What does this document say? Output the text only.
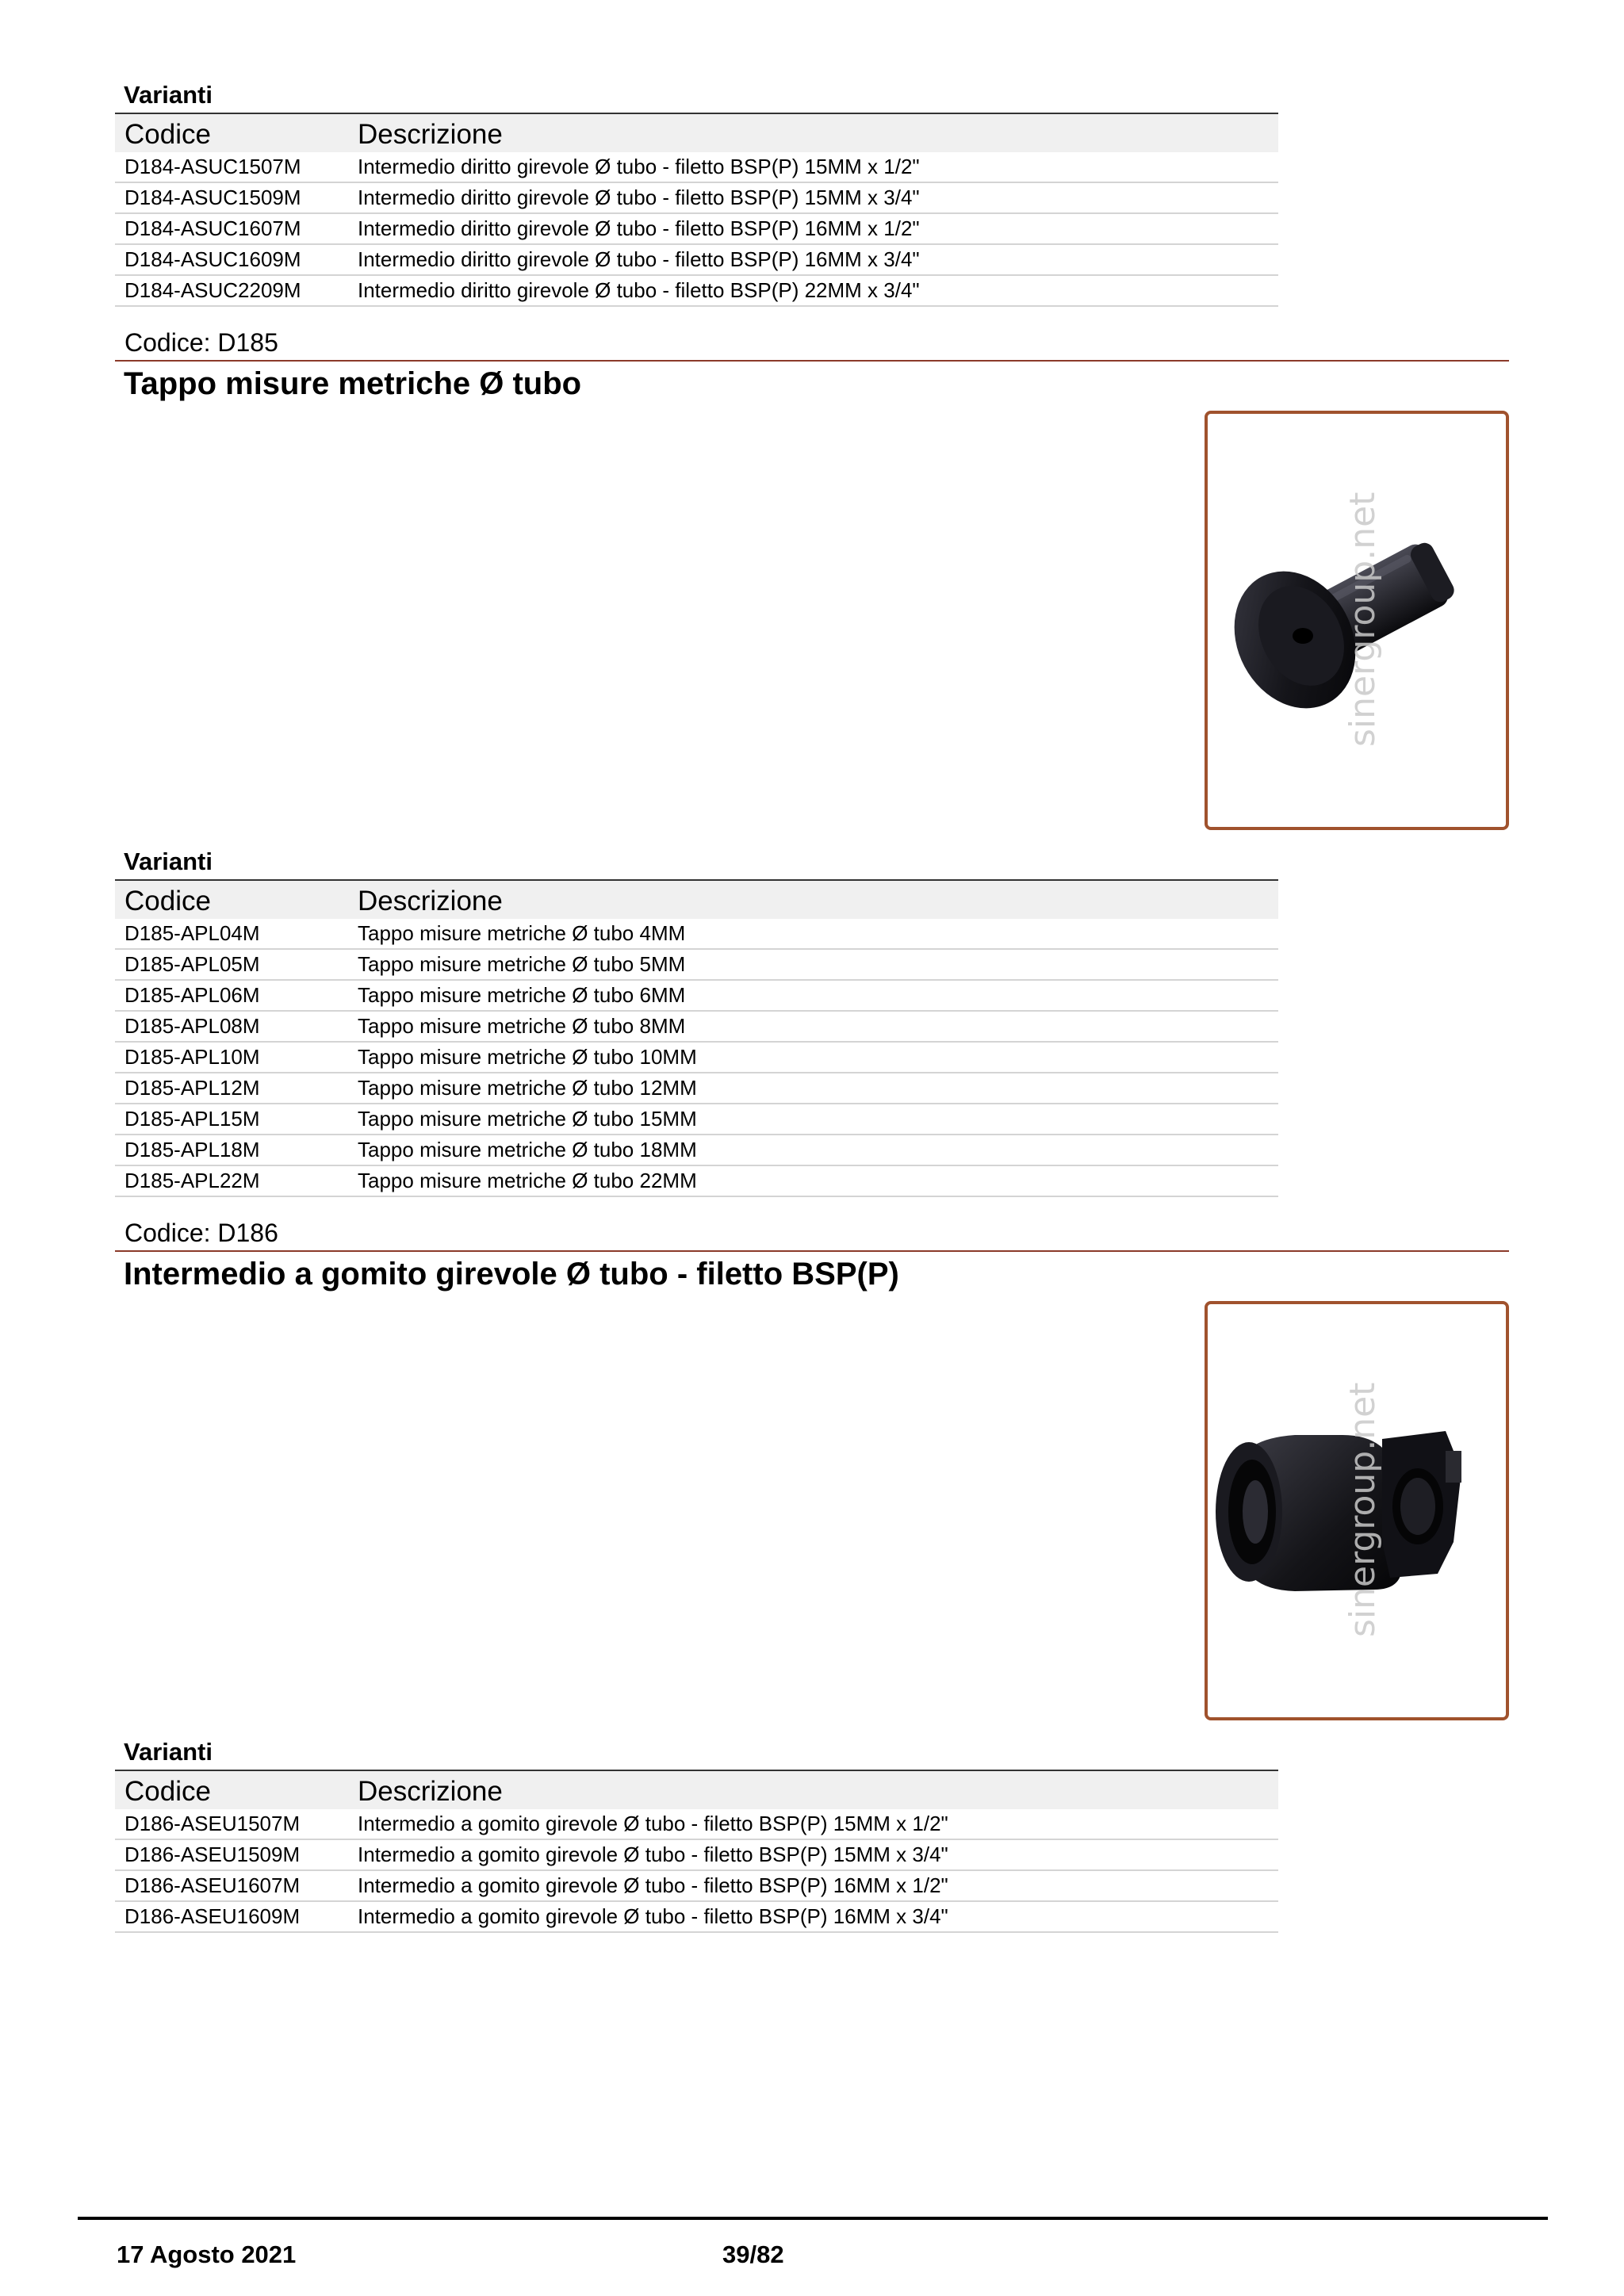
Varianti
Codice	Descrizione
D184-ASUC1507M	Intermedio diritto girevole Ø tubo - filetto BSP(P) 15MM x 1/2"
D184-ASUC1509M	Intermedio diritto girevole Ø tubo - filetto BSP(P) 15MM x 3/4"
D184-ASUC1607M	Intermedio diritto girevole Ø tubo - filetto BSP(P) 16MM x 1/2"
D184-ASUC1609M	Intermedio diritto girevole Ø tubo - filetto BSP(P) 16MM x 3/4"
D184-ASUC2209M	Intermedio diritto girevole Ø tubo - filetto BSP(P) 22MM x 3/4"
Codice: D185
Tappo misure metriche Ø tubo
sinergroup.net
Varianti
Codice	Descrizione
D185-APL04M	Tappo misure metriche Ø tubo 4MM
D185-APL05M	Tappo misure metriche Ø tubo 5MM
D185-APL06M	Tappo misure metriche Ø tubo 6MM
D185-APL08M	Tappo misure metriche Ø tubo 8MM
D185-APL10M	Tappo misure metriche Ø tubo 10MM
D185-APL12M	Tappo misure metriche Ø tubo 12MM
D185-APL15M	Tappo misure metriche Ø tubo 15MM
D185-APL18M	Tappo misure metriche Ø tubo 18MM
D185-APL22M	Tappo misure metriche Ø tubo 22MM
Codice: D186
Intermedio a gomito girevole Ø tubo - filetto BSP(P)
sinergroup.net
Varianti
Codice	Descrizione
D186-ASEU1507M	Intermedio a gomito girevole Ø tubo - filetto BSP(P) 15MM x 1/2"
D186-ASEU1509M	Intermedio a gomito girevole Ø tubo - filetto BSP(P) 15MM x 3/4"
D186-ASEU1607M	Intermedio a gomito girevole Ø tubo - filetto BSP(P) 16MM x 1/2"
D186-ASEU1609M	Intermedio a gomito girevole Ø tubo - filetto BSP(P) 16MM x 3/4"
17 Agosto 2021	39/82
